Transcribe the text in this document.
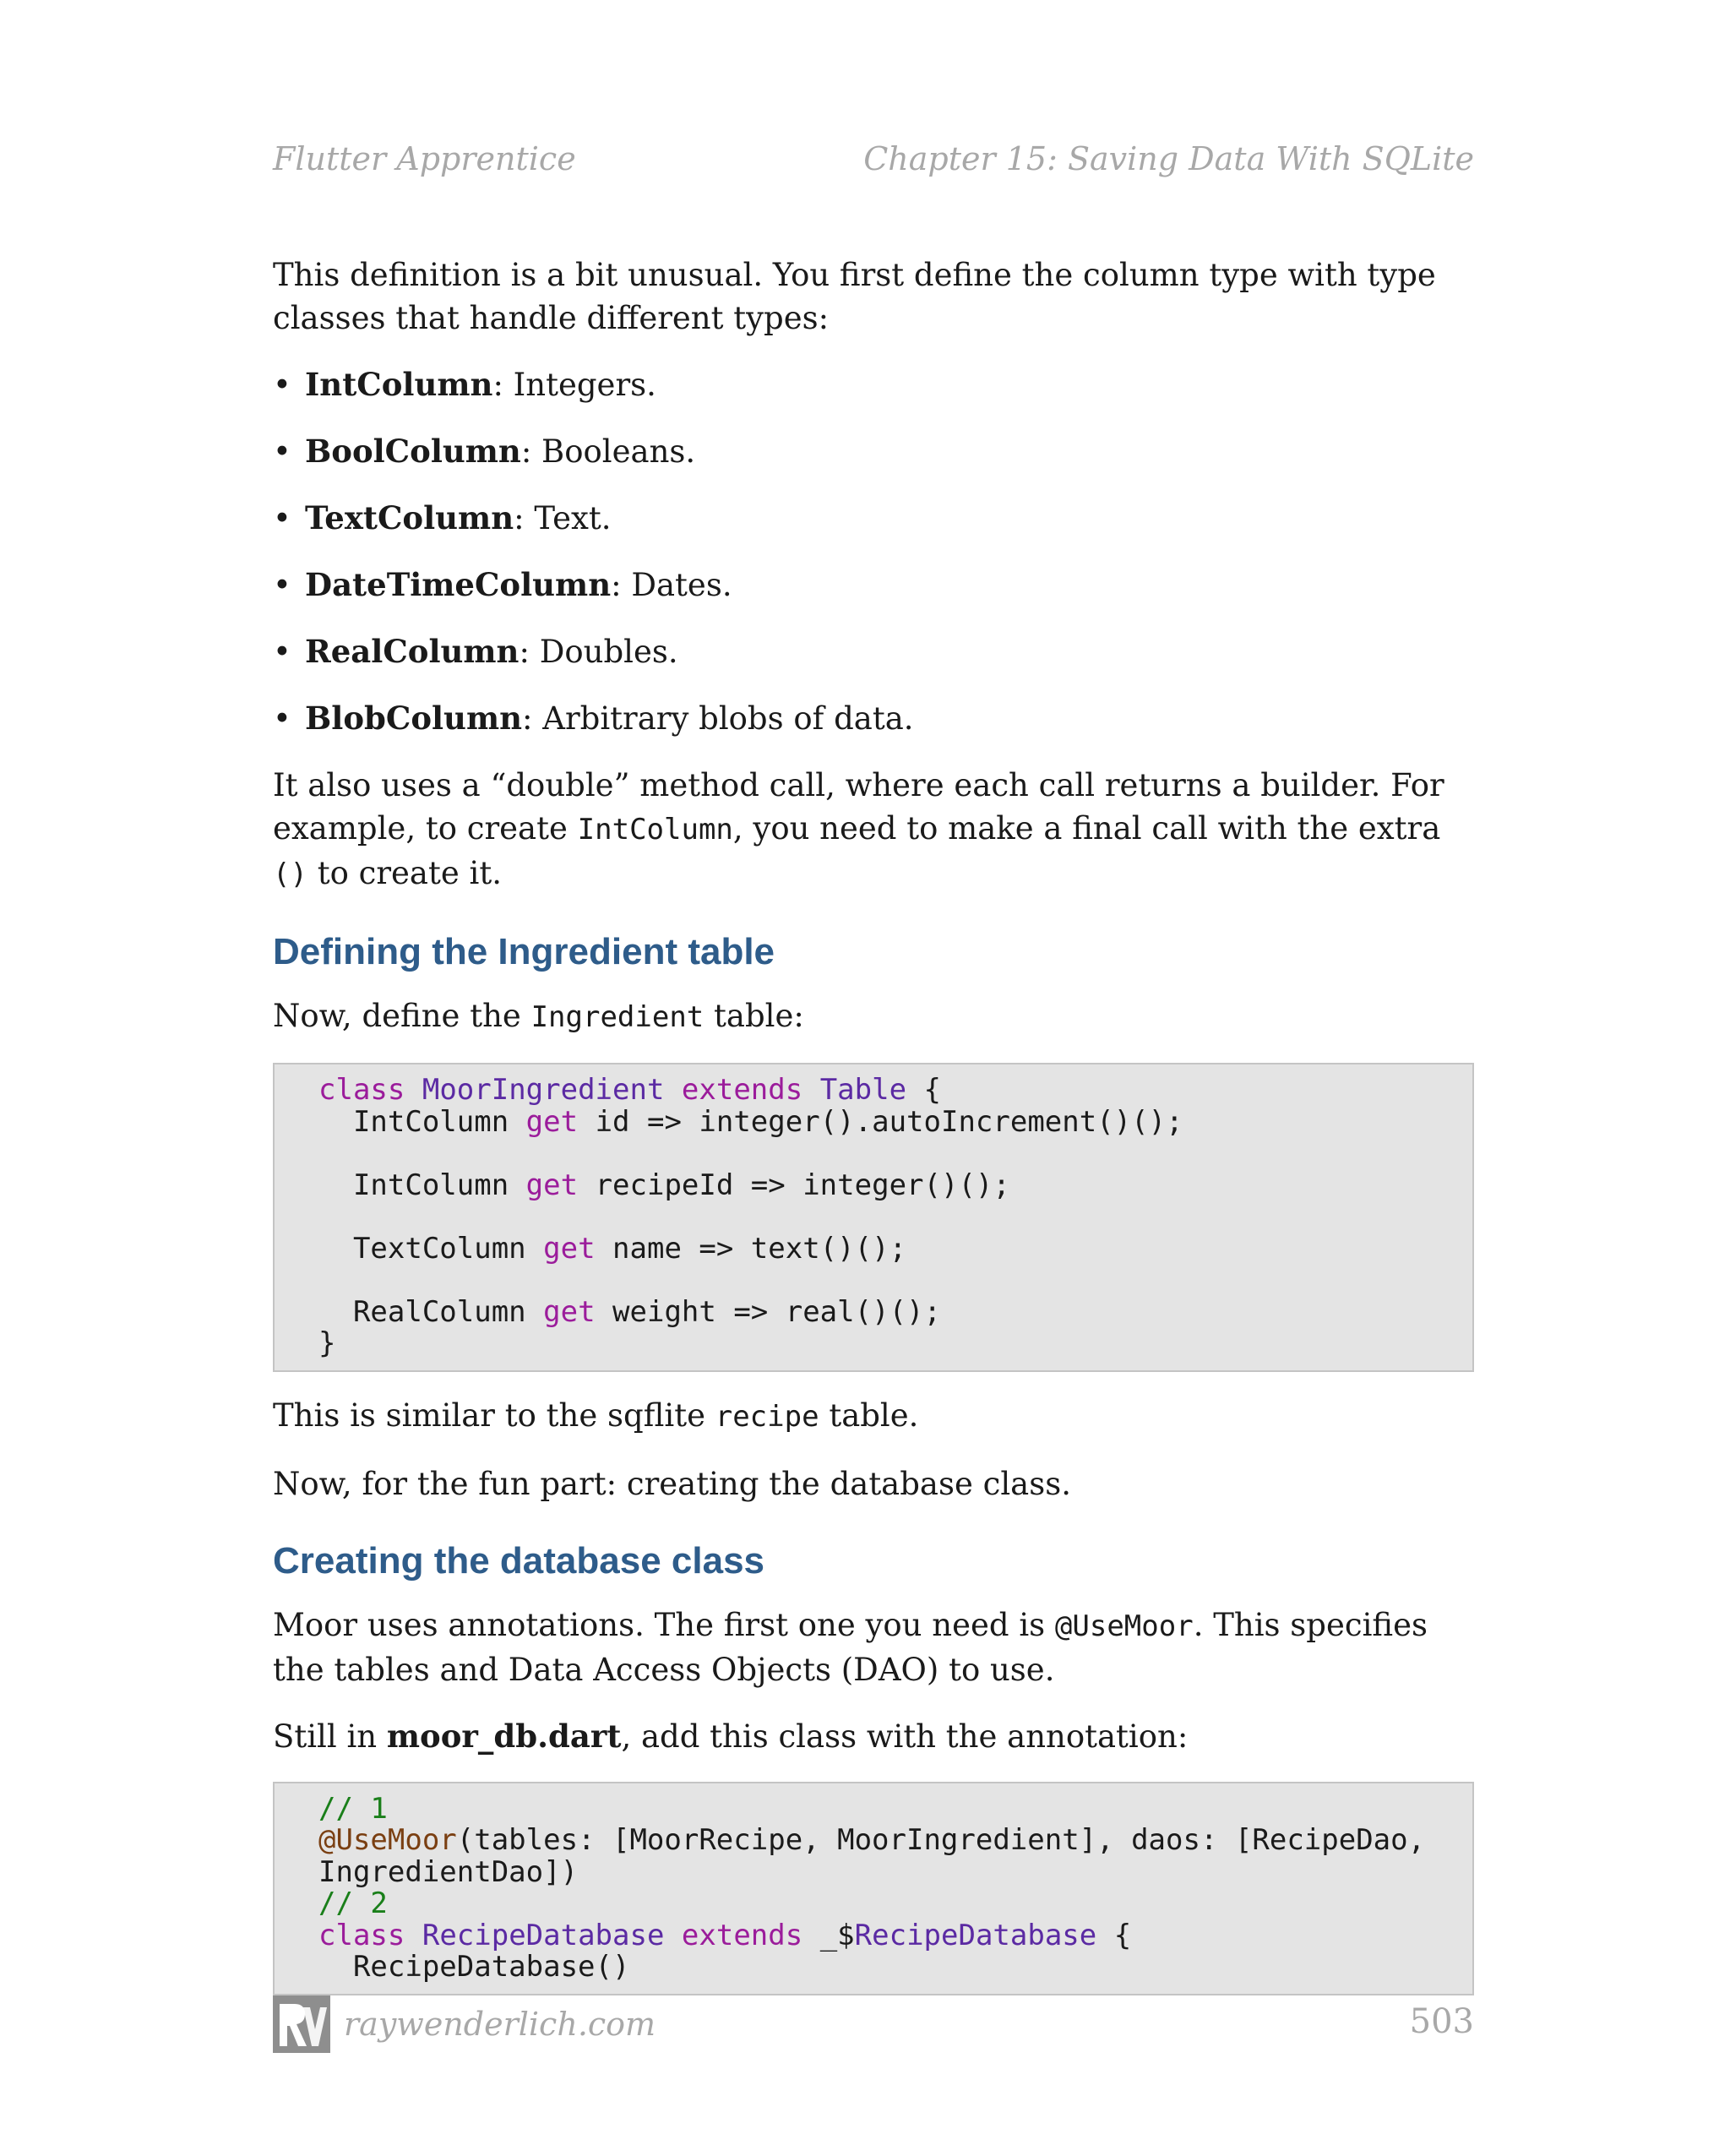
Flutter Apprentice	Chapter 15: Saving Data With SQLite

This definition is a bit unusual. You first define the column type with type classes that handle different types:

• IntColumn: Integers.
• BoolColumn: Booleans.
• TextColumn: Text.
• DateTimeColumn: Dates.
• RealColumn: Doubles.
• BlobColumn: Arbitrary blobs of data.

It also uses a “double” method call, where each call returns a builder. For example, to create IntColumn, you need to make a final call with the extra () to create it.

Defining the Ingredient table

Now, define the Ingredient table:

class MoorIngredient extends Table {
IntColumn get id => integer().autoIncrement()();
IntColumn get recipeId => integer()();
TextColumn get name => text()();
RealColumn get weight => real()();
}

This is similar to the sqflite recipe table.

Now, for the fun part: creating the database class.

Creating the database class

Moor uses annotations. The first one you need is @UseMoor. This specifies the tables and Data Access Objects (DAO) to use.

Still in moor_db.dart, add this class with the annotation:

// 1
@UseMoor(tables: [MoorRecipe, MoorIngredient], daos: [RecipeDao,
IngredientDao])
// 2
class RecipeDatabase extends _$RecipeDatabase {
RecipeDatabase()
raywenderlich.com	503
